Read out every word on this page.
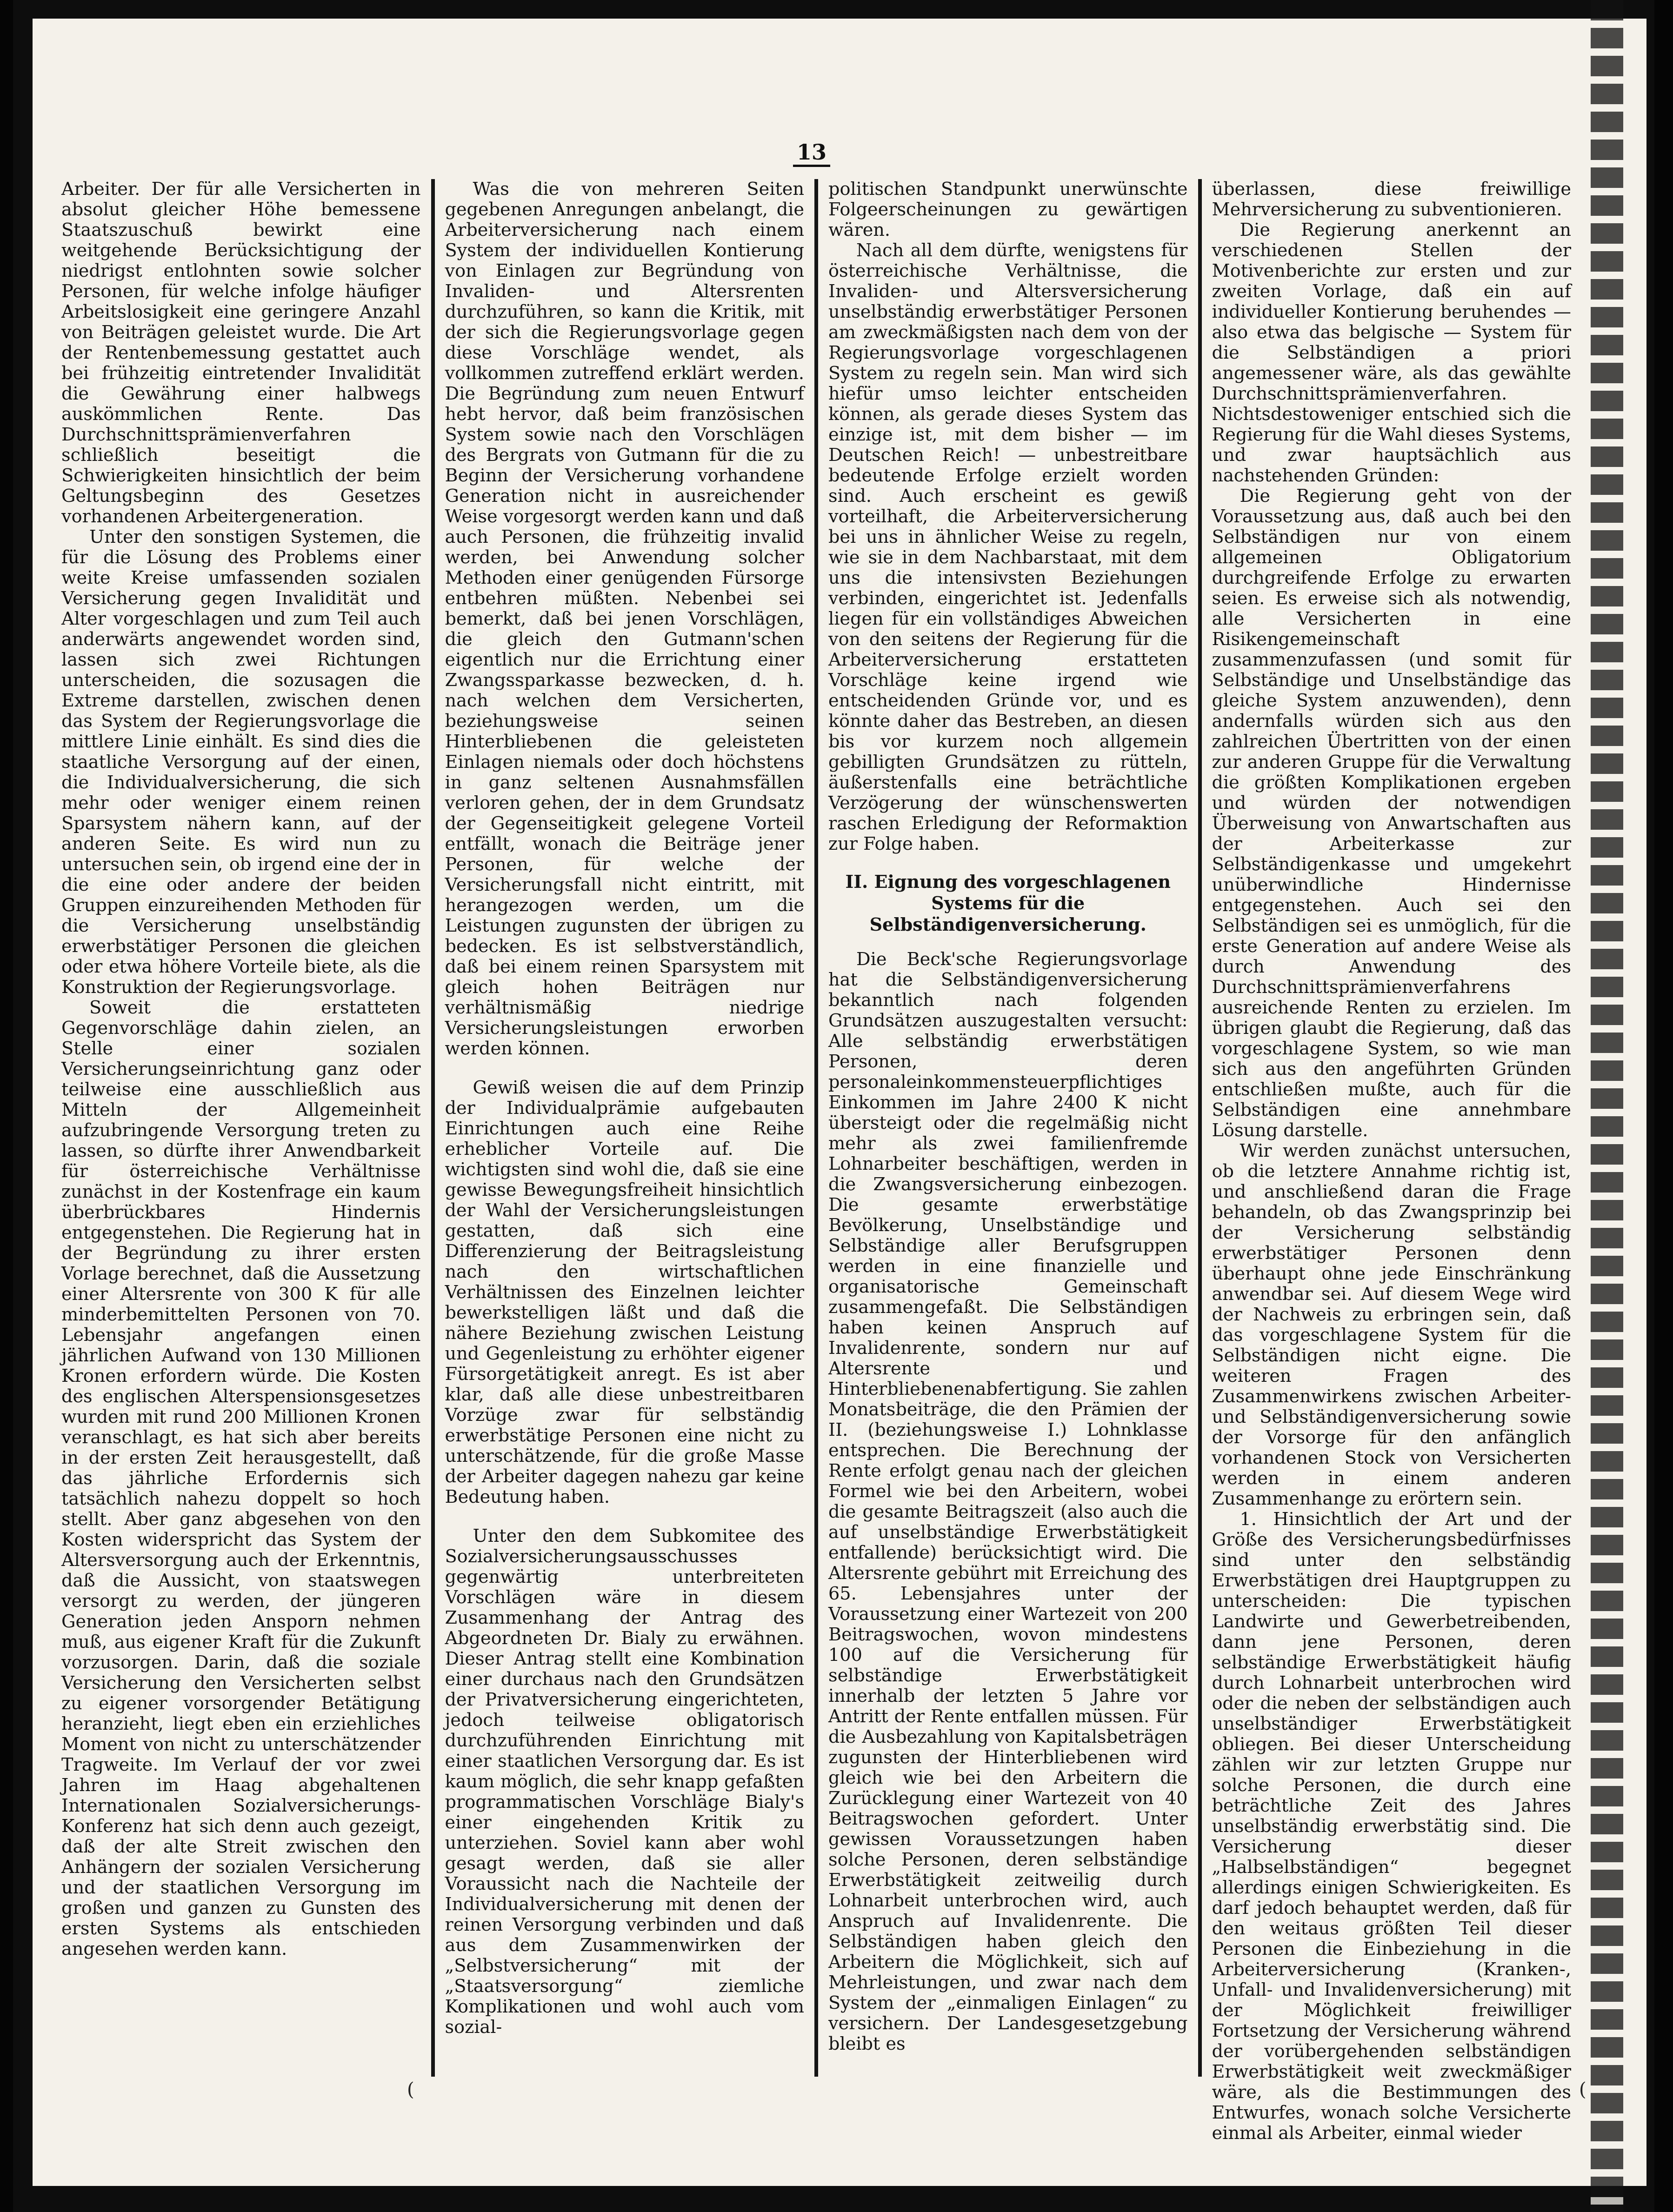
13

Arbeiter. Der für alle Versicherten in absolut gleicher Höhe bemessene Staatszuschuß bewirkt eine weitgehende Berücksichtigung der niedrigst entlohnten sowie solcher Personen, für welche infolge häufiger Arbeitslosigkeit eine geringere Anzahl von Beiträgen geleistet wurde. Die Art der Rentenbemessung gestattet auch bei frühzeitig eintretender Invalidität die Gewährung einer halbwegs auskömmlichen Rente. Das Durchschnittsprämienverfahren schließlich beseitigt die Schwierigkeiten hinsichtlich der beim Geltungsbeginn des Gesetzes vorhandenen Arbeitergeneration.

Unter den sonstigen Systemen, die für die Lösung des Problems einer weite Kreise umfassenden sozialen Versicherung gegen Invalidität und Alter vorgeschlagen und zum Teil auch anderwärts angewendet worden sind, lassen sich zwei Richtungen unterscheiden, die sozusagen die Extreme darstellen, zwischen denen das System der Regierungsvorlage die mittlere Linie einhält. Es sind dies die staatliche Versorgung auf der einen, die Individualversicherung, die sich mehr oder weniger einem reinen Sparsystem nähern kann, auf der anderen Seite. Es wird nun zu untersuchen sein, ob irgend eine der in die eine oder andere der beiden Gruppen einzureihenden Methoden für die Versicherung unselbständig erwerbstätiger Personen die gleichen oder etwa höhere Vorteile biete, als die Konstruktion der Regierungsvorlage.

Soweit die erstatteten Gegenvorschläge dahin zielen, an Stelle einer sozialen Versicherungseinrichtung ganz oder teilweise eine ausschließlich aus Mitteln der Allgemeinheit aufzubringende Versorgung treten zu lassen, so dürfte ihrer Anwendbarkeit für österreichische Verhältnisse zunächst in der Kostenfrage ein kaum überbrückbares Hindernis entgegenstehen. Die Regierung hat in der Begründung zu ihrer ersten Vorlage berechnet, daß die Aussetzung einer Altersrente von 300 K für alle minderbemittelten Personen von 70. Lebensjahr angefangen einen jährlichen Aufwand von 130 Millionen Kronen erfordern würde. Die Kosten des englischen Alterspensionsgesetzes wurden mit rund 200 Millionen Kronen veranschlagt, es hat sich aber bereits in der ersten Zeit herausgestellt, daß das jährliche Erfordernis sich tatsächlich nahezu doppelt so hoch stellt. Aber ganz abgesehen von den Kosten widerspricht das System der Altersversorgung auch der Erkenntnis, daß die Aussicht, von staatswegen versorgt zu werden, der jüngeren Generation jeden Ansporn nehmen muß, aus eigener Kraft für die Zukunft vorzusorgen. Darin, daß die soziale Versicherung den Versicherten selbst zu eigener vorsorgender Betätigung heranzieht, liegt eben ein erziehliches Moment von nicht zu unterschätzender Tragweite. Im Verlauf der vor zwei Jahren im Haag abgehaltenen Internationalen Sozialversicherungs-Konferenz hat sich denn auch gezeigt, daß der alte Streit zwischen den Anhängern der sozialen Versicherung und der staatlichen Versorgung im großen und ganzen zu Gunsten des ersten Systems als entschieden angesehen werden kann.

Was die von mehreren Seiten gegebenen Anregungen anbelangt, die Arbeiterversicherung nach einem System der individuellen Kontierung von Einlagen zur Begründung von Invaliden- und Altersrenten durchzuführen, so kann die Kritik, mit der sich die Regierungsvorlage gegen diese Vorschläge wendet, als vollkommen zutreffend erklärt werden. Die Begründung zum neuen Entwurf hebt hervor, daß beim französischen System sowie nach den Vorschlägen des Bergrats von Gutmann für die zu Beginn der Versicherung vorhandene Generation nicht in ausreichender Weise vorgesorgt werden kann und daß auch Personen, die frühzeitig invalid werden, bei Anwendung solcher Methoden einer genügenden Fürsorge entbehren müßten. Nebenbei sei bemerkt, daß bei jenen Vorschlägen, die gleich den Gutmann'schen eigentlich nur die Errichtung einer Zwangssparkasse bezwecken, d. h. nach welchen dem Versicherten, beziehungsweise seinen Hinterbliebenen die geleisteten Einlagen niemals oder doch höchstens in ganz seltenen Ausnahmsfällen verloren gehen, der in dem Grundsatz der Gegenseitigkeit gelegene Vorteil entfällt, wonach die Beiträge jener Personen, für welche der Versicherungsfall nicht eintritt, mit herangezogen werden, um die Leistungen zugunsten der übrigen zu bedecken. Es ist selbstverständlich, daß bei einem reinen Sparsystem mit gleich hohen Beiträgen nur verhältnismäßig niedrige Versicherungsleistungen erworben werden können.

Gewiß weisen die auf dem Prinzip der Individualprämie aufgebauten Einrichtungen auch eine Reihe erheblicher Vorteile auf. Die wichtigsten sind wohl die, daß sie eine gewisse Bewegungsfreiheit hinsichtlich der Wahl der Versicherungsleistungen gestatten, daß sich eine Differenzierung der Beitragsleistung nach den wirtschaftlichen Verhältnissen des Einzelnen leichter bewerkstelligen läßt und daß die nähere Beziehung zwischen Leistung und Gegenleistung zu erhöhter eigener Fürsorgetätigkeit anregt. Es ist aber klar, daß alle diese unbestreitbaren Vorzüge zwar für selbständig erwerbstätige Personen eine nicht zu unterschätzende, für die große Masse der Arbeiter dagegen nahezu gar keine Bedeutung haben.

Unter den dem Subkomitee des Sozialversicherungsausschusses gegenwärtig unterbreiteten Vorschlägen wäre in diesem Zusammenhang der Antrag des Abgeordneten Dr. Bialy zu erwähnen. Dieser Antrag stellt eine Kombination einer durchaus nach den Grundsätzen der Privatversicherung eingerichteten, jedoch teilweise obligatorisch durchzuführenden Einrichtung mit einer staatlichen Versorgung dar. Es ist kaum möglich, die sehr knapp gefaßten programmatischen Vorschläge Bialy's einer eingehenden Kritik zu unterziehen. Soviel kann aber wohl gesagt werden, daß sie aller Voraussicht nach die Nachteile der Individualversicherung mit denen der reinen Versorgung verbinden und daß aus dem Zusammenwirken der „Selbstversicherung“ mit der „Staatsversorgung“ ziemliche Komplikationen und wohl auch vom sozial-

politischen Standpunkt unerwünschte Folgeerscheinungen zu gewärtigen wären.

Nach all dem dürfte, wenigstens für österreichische Verhältnisse, die Invaliden- und Altersversicherung unselbständig erwerbstätiger Personen am zweckmäßigsten nach dem von der Regierungsvorlage vorgeschlagenen System zu regeln sein. Man wird sich hiefür umso leichter entscheiden können, als gerade dieses System das einzige ist, mit dem bisher — im Deutschen Reich! — unbestreitbare bedeutende Erfolge erzielt worden sind. Auch erscheint es gewiß vorteilhaft, die Arbeiterversicherung bei uns in ähnlicher Weise zu regeln, wie sie in dem Nachbarstaat, mit dem uns die intensivsten Beziehungen verbinden, eingerichtet ist. Jedenfalls liegen für ein vollständiges Abweichen von den seitens der Regierung für die Arbeiterversicherung erstatteten Vorschläge keine irgend wie entscheidenden Gründe vor, und es könnte daher das Bestreben, an diesen bis vor kurzem noch allgemein gebilligten Grundsätzen zu rütteln, äußerstenfalls eine beträchtliche Verzögerung der wünschenswerten raschen Erledigung der Reformaktion zur Folge haben.

II. Eignung des vorgeschlagenen Systems für die Selbständigenversicherung.

Die Beck'sche Regierungsvorlage hat die Selbständigenversicherung bekanntlich nach folgenden Grundsätzen auszugestalten versucht: Alle selbständig erwerbstätigen Personen, deren personaleinkommensteuerpflichtiges Einkommen im Jahre 2400 K nicht übersteigt oder die regelmäßig nicht mehr als zwei familienfremde Lohnarbeiter beschäftigen, werden in die Zwangsversicherung einbezogen. Die gesamte erwerbstätige Bevölkerung, Unselbständige und Selbständige aller Berufsgruppen werden in eine finanzielle und organisatorische Gemeinschaft zusammengefaßt. Die Selbständigen haben keinen Anspruch auf Invalidenrente, sondern nur auf Altersrente und Hinterbliebenenabfertigung. Sie zahlen Monatsbeiträge, die den Prämien der II. (beziehungsweise I.) Lohnklasse entsprechen. Die Berechnung der Rente erfolgt genau nach der gleichen Formel wie bei den Arbeitern, wobei die gesamte Beitragszeit (also auch die auf unselbständige Erwerbstätigkeit entfallende) berücksichtigt wird. Die Altersrente gebührt mit Erreichung des 65. Lebensjahres unter der Voraussetzung einer Wartezeit von 200 Beitragswochen, wovon mindestens 100 auf die Versicherung für selbständige Erwerbstätigkeit innerhalb der letzten 5 Jahre vor Antritt der Rente entfallen müssen. Für die Ausbezahlung von Kapitalsbeträgen zugunsten der Hinterbliebenen wird gleich wie bei den Arbeitern die Zurücklegung einer Wartezeit von 40 Beitragswochen gefordert. Unter gewissen Voraussetzungen haben solche Personen, deren selbständige Erwerbstätigkeit zeitweilig durch Lohnarbeit unterbrochen wird, auch Anspruch auf Invalidenrente. Die Selbständigen haben gleich den Arbeitern die Möglichkeit, sich auf Mehrleistungen, und zwar nach dem System der „einmaligen Einlagen“ zu versichern. Der Landesgesetzgebung bleibt es

überlassen, diese freiwillige Mehrversicherung zu subventionieren.

Die Regierung anerkennt an verschiedenen Stellen der Motivenberichte zur ersten und zur zweiten Vorlage, daß ein auf individueller Kontierung beruhendes — also etwa das belgische — System für die Selbständigen a priori angemessener wäre, als das gewählte Durchschnittsprämienverfahren. Nichtsdestoweniger entschied sich die Regierung für die Wahl dieses Systems, und zwar hauptsächlich aus nachstehenden Gründen:

Die Regierung geht von der Voraussetzung aus, daß auch bei den Selbständigen nur von einem allgemeinen Obligatorium durchgreifende Erfolge zu erwarten seien. Es erweise sich als notwendig, alle Versicherten in eine Risikengemeinschaft zusammenzufassen (und somit für Selbständige und Unselbständige das gleiche System anzuwenden), denn andernfalls würden sich aus den zahlreichen Übertritten von der einen zur anderen Gruppe für die Verwaltung die größten Komplikationen ergeben und würden der notwendigen Überweisung von Anwartschaften aus der Arbeiterkasse zur Selbständigenkasse und umgekehrt unüberwindliche Hindernisse entgegenstehen. Auch sei den Selbständigen sei es unmöglich, für die erste Generation auf andere Weise als durch Anwendung des Durchschnittsprämienverfahrens ausreichende Renten zu erzielen. Im übrigen glaubt die Regierung, daß das vorgeschlagene System, so wie man sich aus den angeführten Gründen entschließen mußte, auch für die Selbständigen eine annehmbare Lösung darstelle.

Wir werden zunächst untersuchen, ob die letztere Annahme richtig ist, und anschließend daran die Frage behandeln, ob das Zwangsprinzip bei der Versicherung selbständig erwerbstätiger Personen denn überhaupt ohne jede Einschränkung anwendbar sei. Auf diesem Wege wird der Nachweis zu erbringen sein, daß das vorgeschlagene System für die Selbständigen nicht eigne. Die weiteren Fragen des Zusammenwirkens zwischen Arbeiter- und Selbständigenversicherung sowie der Vorsorge für den anfänglich vorhandenen Stock von Versicherten werden in einem anderen Zusammenhange zu erörtern sein.

1. Hinsichtlich der Art und der Größe des Versicherungsbedürfnisses sind unter den selbständig Erwerbstätigen drei Hauptgruppen zu unterscheiden: Die typischen Landwirte und Gewerbetreibenden, dann jene Personen, deren selbständige Erwerbstätigkeit häufig durch Lohnarbeit unterbrochen wird oder die neben der selbständigen auch unselbständiger Erwerbstätigkeit obliegen. Bei dieser Unterscheidung zählen wir zur letzten Gruppe nur solche Personen, die durch eine beträchtliche Zeit des Jahres unselbständig erwerbstätig sind. Die Versicherung dieser „Halbselbständigen“ begegnet allerdings einigen Schwierigkeiten. Es darf jedoch behauptet werden, daß für den weitaus größten Teil dieser Personen die Einbeziehung in die Arbeiterversicherung (Kranken-, Unfall- und Invalidenversicherung) mit der Möglichkeit freiwilliger Fortsetzung der Versicherung während der vorübergehenden selbständigen Erwerbstätigkeit weit zweckmäßiger wäre, als die Bestimmungen des Entwurfes, wonach solche Versicherte einmal als Arbeiter, einmal wieder

(	(
